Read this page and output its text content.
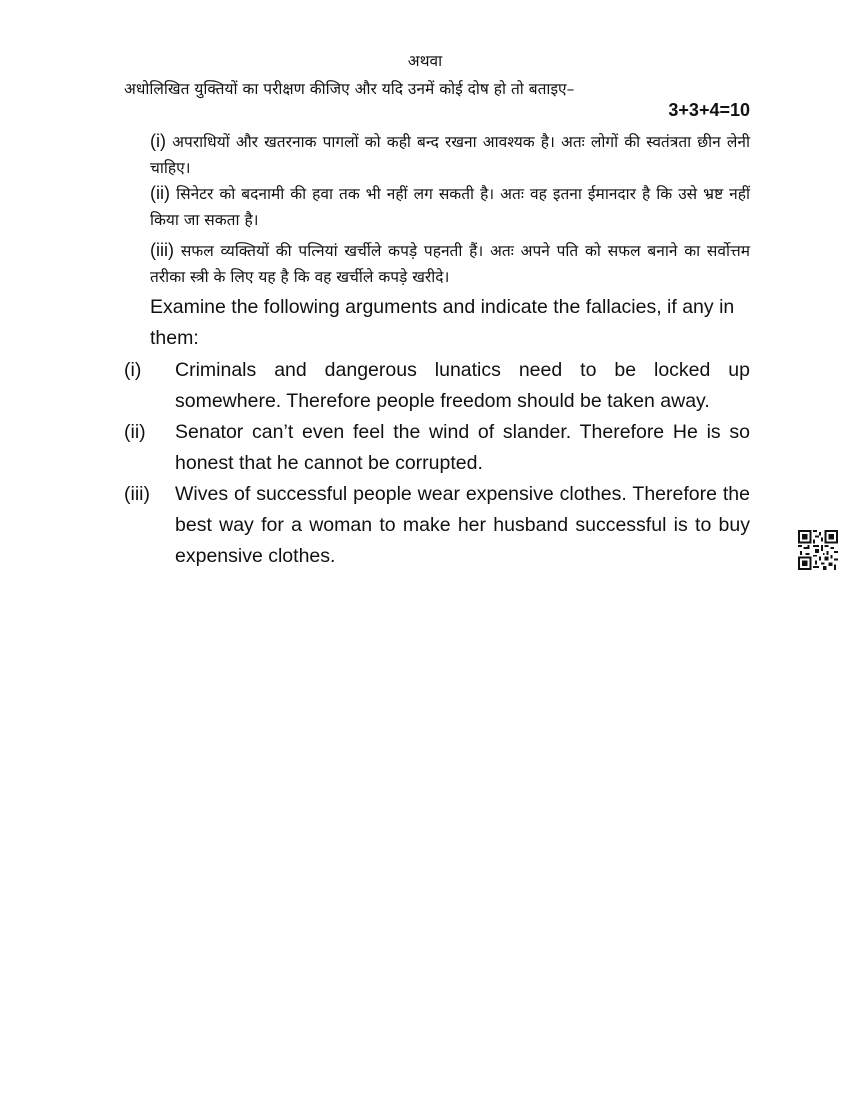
अथवा
अधोलिखित युक्तियों का परीक्षण कीजिए और यदि उनमें कोई दोष हो तो बताइए–
3+3+4=10
(i) अपराधियों और खतरनाक पागलों को कही बन्द रखना आवश्यक है। अतः लोगों की स्वतंत्रता छीन लेनी चाहिए।
(ii) सिनेटर को बदनामी की हवा तक भी नहीं लग सकती है। अतः वह इतना ईमानदार है कि उसे भ्रष्ट नहीं किया जा सकता है।
(iii) सफल व्यक्तियों की पत्नियां खर्चीले कपड़े पहनती हैं। अतः अपने पति को सफल बनाने का सर्वोत्तम तरीका स्त्री के लिए यह है कि वह खर्चीले कपड़े खरीदे।
Examine the following arguments and indicate the fallacies, if any in them:
(i)	Criminals and dangerous lunatics need to be locked up somewhere. Therefore people freedom should be taken away.
(ii)	Senator can’t even feel the wind of slander. Therefore He is so honest that he cannot be corrupted.
(iii)	Wives of successful people wear expensive clothes. Therefore the best way for a woman to make her husband successful is to buy expensive clothes.
